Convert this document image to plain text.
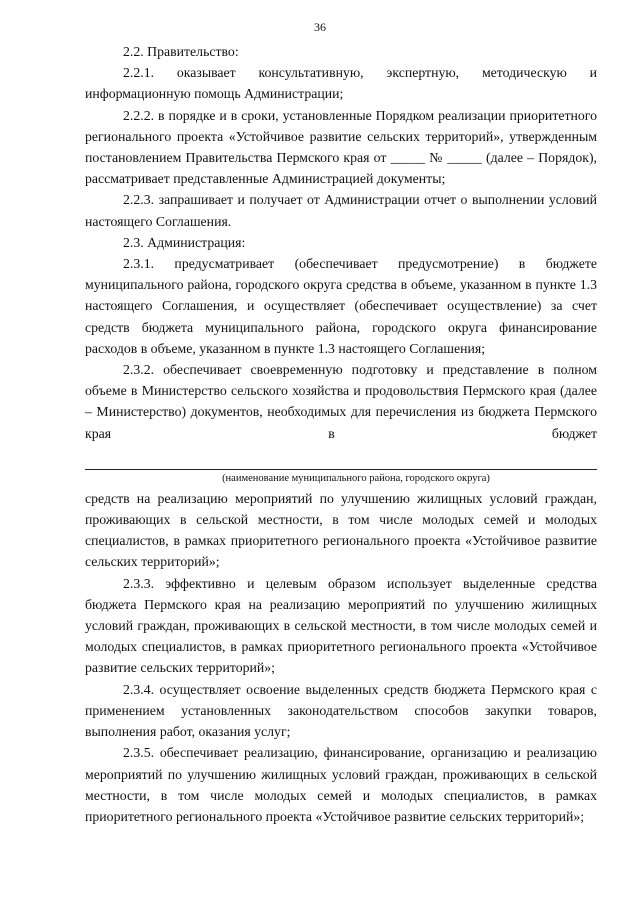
36

2.2. Правительство:

2.2.1. оказывает консультативную, экспертную, методическую и информационную помощь Администрации;

2.2.2. в порядке и в сроки, установленные Порядком реализации приоритетного регионального проекта «Устойчивое развитие сельских территорий», утвержденным постановлением Правительства Пермского края от _____ № _____ (далее – Порядок), рассматривает представленные Администрацией документы;

2.2.3. запрашивает и получает от Администрации отчет о выполнении условий настоящего Соглашения.

2.3. Администрация:

2.3.1. предусматривает (обеспечивает предусмотрение) в бюджете муниципального района, городского округа средства в объеме, указанном в пункте 1.3 настоящего Соглашения, и осуществляет (обеспечивает осуществление) за счет средств бюджета муниципального района, городского округа финансирование расходов в объеме, указанном в пункте 1.3 настоящего Соглашения;

2.3.2. обеспечивает своевременную подготовку и представление в полном объеме в Министерство сельского хозяйства и продовольствия Пермского края (далее – Министерство) документов, необходимых для перечисления из бюджета Пермского края в бюджет

(наименование муниципального района, городского округа)

средств на реализацию мероприятий по улучшению жилищных условий граждан, проживающих в сельской местности, в том числе молодых семей и молодых специалистов, в рамках приоритетного регионального проекта «Устойчивое развитие сельских территорий»;

2.3.3. эффективно и целевым образом использует выделенные средства бюджета Пермского края на реализацию мероприятий по улучшению жилищных условий граждан, проживающих в сельской местности, в том числе молодых семей и молодых специалистов, в рамках приоритетного регионального проекта «Устойчивое развитие сельских территорий»;

2.3.4. осуществляет освоение выделенных средств бюджета Пермского края с применением установленных законодательством способов закупки товаров, выполнения работ, оказания услуг;

2.3.5. обеспечивает реализацию, финансирование, организацию и реализацию мероприятий по улучшению жилищных условий граждан, проживающих в сельской местности, в том числе молодых семей и молодых специалистов, в рамках приоритетного регионального проекта «Устойчивое развитие сельских территорий»;
